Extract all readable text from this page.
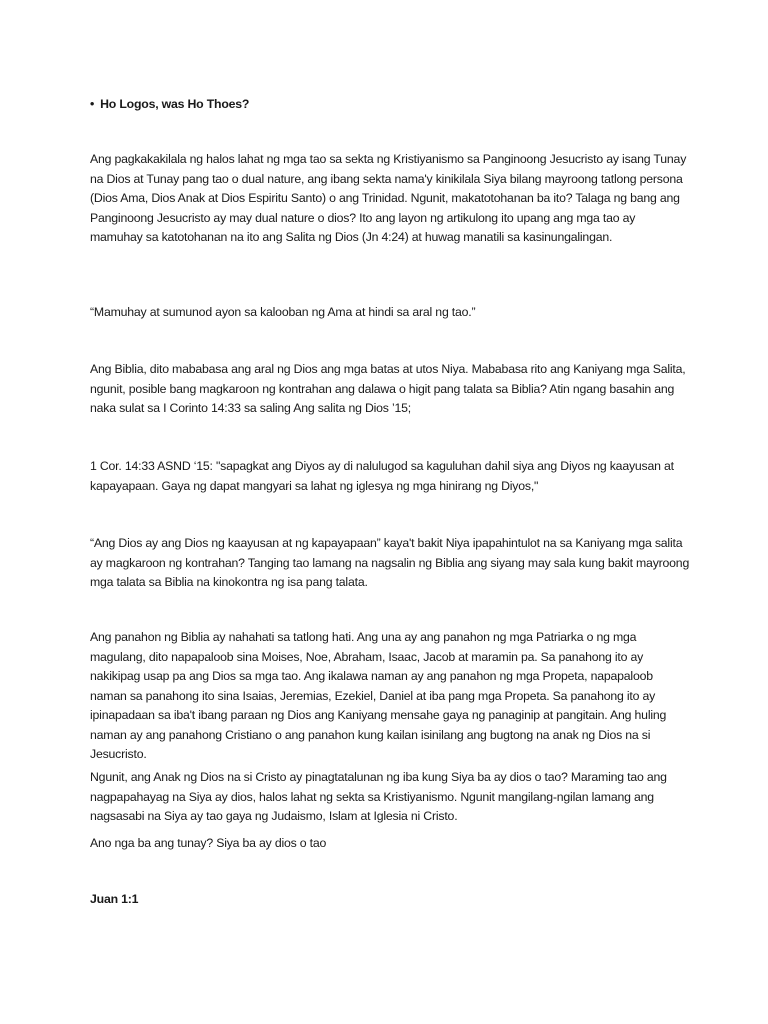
• Ho Logos, was Ho Thoes?

Ang pagkakakilala ng halos lahat ng mga tao sa sekta ng Kristiyanismo sa Panginoong Jesucristo ay isang Tunay na Dios at Tunay pang tao o dual nature, ang ibang sekta nama'y kinikilala Siya bilang mayroong tatlong persona (Dios Ama, Dios Anak at Dios Espiritu Santo) o ang Trinidad. Ngunit, makatotohanan ba ito? Talaga ng bang ang Panginoong Jesucristo ay may dual nature o dios? Ito ang layon ng artikulong ito upang ang mga tao ay mamuhay sa katotohanan na ito ang Salita ng Dios (Jn 4:24) at huwag manatili sa kasinungalingan.

“Mamuhay at sumunod ayon sa kalooban ng Ama at hindi sa aral ng tao.”

Ang Biblia, dito mababasa ang aral ng Dios ang mga batas at utos Niya. Mababasa rito ang Kaniyang mga Salita, ngunit, posible bang magkaroon ng kontrahan ang dalawa o higit pang talata sa Biblia? Atin ngang basahin ang naka sulat sa I Corinto 14:33 sa saling Ang salita ng Dios ’15;

1 Cor. 14:33 ASND ‘15: "sapagkat ang Diyos ay di nalulugod sa kaguluhan dahil siya ang Diyos ng kaayusan at kapayapaan. Gaya ng dapat mangyari sa lahat ng iglesya ng mga hinirang ng Diyos,"

“Ang Dios ay ang Dios ng kaayusan at ng kapayapaan” kaya't bakit Niya ipapahintulot na sa Kaniyang mga salita ay magkaroon ng kontrahan? Tanging tao lamang na nagsalin ng Biblia ang siyang may sala kung bakit mayroong mga talata sa Biblia na kinokontra ng isa pang talata.

Ang panahon ng Biblia ay nahahati sa tatlong hati. Ang una ay ang panahon ng mga Patriarka o ng mga magulang, dito napapaloob sina Moises, Noe, Abraham, Isaac, Jacob at maramin pa. Sa panahong ito ay nakikipag usap pa ang Dios sa mga tao. Ang ikalawa naman ay ang panahon ng mga Propeta, napapaloob naman sa panahong ito sina Isaias, Jeremias, Ezekiel, Daniel at iba pang mga Propeta. Sa panahong ito ay ipinapadaan sa iba't ibang paraan ng Dios ang Kaniyang mensahe gaya ng panaginip at pangitain. Ang huling naman ay ang panahong Cristiano o ang panahon kung kailan isinilang ang bugtong na anak ng Dios na si Jesucristo.

Ngunit, ang Anak ng Dios na si Cristo ay pinagtatalunan ng iba kung Siya ba ay dios o tao? Maraming tao ang nagpapahayag na Siya ay dios, halos lahat ng sekta sa Kristiyanismo. Ngunit mangilang-ngilan lamang ang nagsasabi na Siya ay tao gaya ng Judaismo, Islam at Iglesia ni Cristo.

Ano nga ba ang tunay? Siya ba ay dios o tao

Juan 1:1
